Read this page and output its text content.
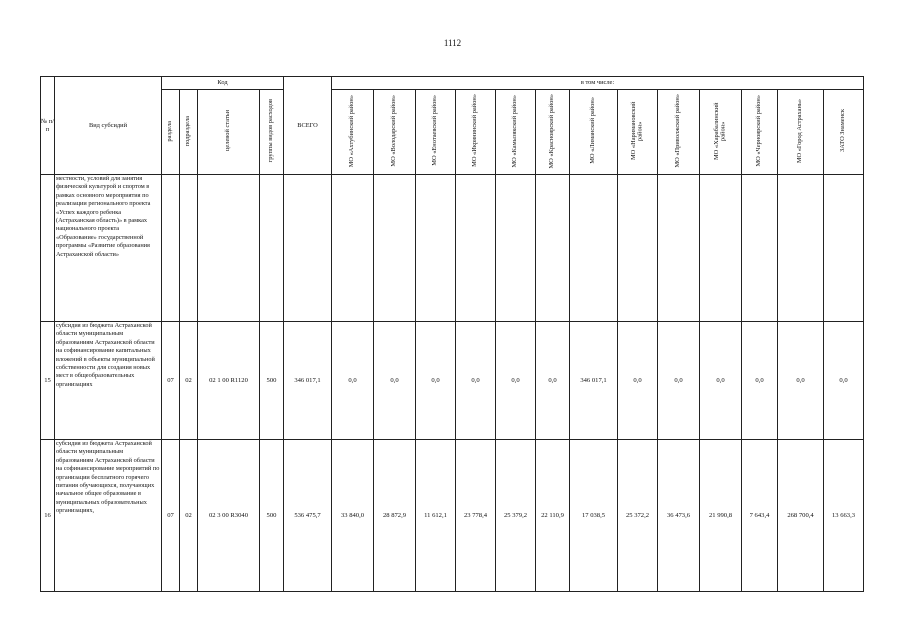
1112
№ п/п	Вид субсидий	Код				ВСЕГО	в том числе:												
		раздела	подраздела	целевой статьи	группы видов расходов		МО «Ахтубинский район»	МО «Володарский район»	МО «Енотаевский район»	МО «Икрянинский район»	МО «Камызякский район»	МО «Красноярский район»	МО «Лиманский район»	МО «Наримановский район»	МО «Приволжский район»	МО «Харабалинский район»	МО «Черноярский район»	МО «Город Астрахань»	ЗАТО Знаменск
	местности, условий для занятия физической культурой и спортом в рамках основного мероприятия по реализации регионального проекта «Успех каждого ребенка (Астраханская область)» в рамках национального проекта «Образование» государственной программы «Развитие образования Астраханской области»																		
15	субсидия из бюджета Астраханской области муниципальным образованиям Астраханской области на софинансирование капитальных вложений в объекты муниципальной собственности для создания новых мест в общеобразовательных организациях	07	02	02 1 00 R1120	500	346 017,1	0,0	0,0	0,0	0,0	0,0	0,0	346 017,1	0,0	0,0	0,0	0,0	0,0	0,0
16	субсидия из бюджета Астраханской области муниципальным образованиям Астраханской области на софинансирование мероприятий по организации бесплатного горячего питания обучающихся, получающих начальное общее образование в муниципальных образовательных организациях,	07	02	02 3 00 R3040	500	536 475,7	33 840,0	28 872,9	11 612,1	23 778,4	25 379,2	22 110,9	17 038,5	25 372,2	36 473,6	21 990,8	7 643,4	268 700,4	13 663,3
